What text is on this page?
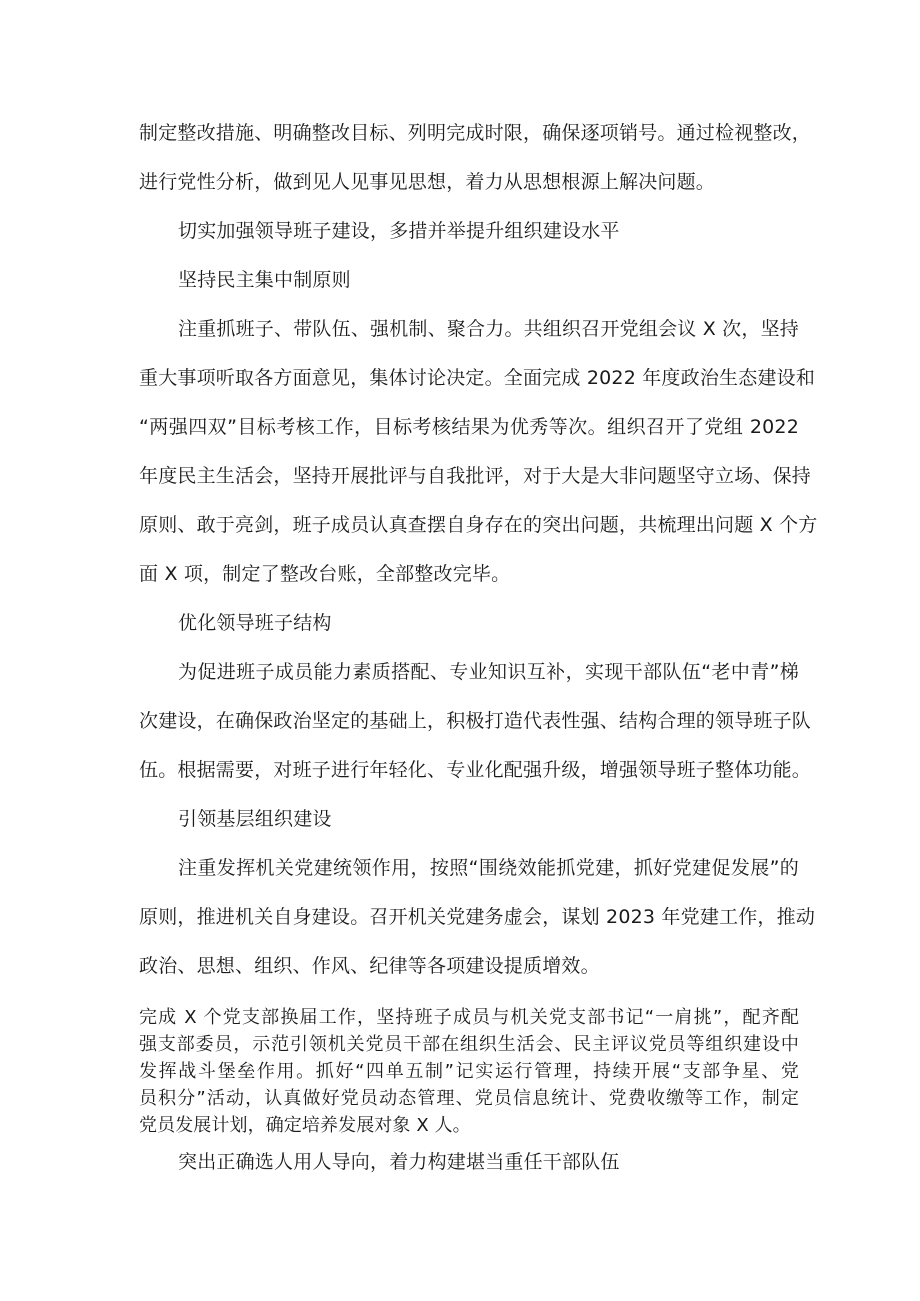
制定整改措施、明确整改目标、列明完成时限，确保逐项销号。通过检视整改，
进行党性分析，做到见人见事见思想，着力从思想根源上解决问题。
切实加强领导班子建设，多措并举提升组织建设水平
坚持民主集中制原则
注重抓班子、带队伍、强机制、聚合力。共组织召开党组会议 X 次，坚持
重大事项听取各方面意见，集体讨论决定。全面完成 2022 年度政治生态建设和
“两强四双”目标考核工作，目标考核结果为优秀等次。组织召开了党组 2022
年度民主生活会，坚持开展批评与自我批评，对于大是大非问题坚守立场、保持
原则、敢于亮剑，班子成员认真查摆自身存在的突出问题，共梳理出问题 X 个方
面 X 项，制定了整改台账，全部整改完毕。
优化领导班子结构
为促进班子成员能力素质搭配、专业知识互补，实现干部队伍“老中青”梯
次建设，在确保政治坚定的基础上，积极打造代表性强、结构合理的领导班子队
伍。根据需要，对班子进行年轻化、专业化配强升级，增强领导班子整体功能。
引领基层组织建设
注重发挥机关党建统领作用，按照“围绕效能抓党建，抓好党建促发展”的
原则，推进机关自身建设。召开机关党建务虚会，谋划 2023 年党建工作，推动
政治、思想、组织、作风、纪律等各项建设提质增效。
完成 X 个党支部换届工作，坚持班子成员与机关党支部书记“一肩挑”，配齐配
强支部委员，示范引领机关党员干部在组织生活会、民主评议党员等组织建设中
发挥战斗堡垒作用。抓好“四单五制”记实运行管理，持续开展“支部争星、党
员积分”活动，认真做好党员动态管理、党员信息统计、党费收缴等工作，制定
党员发展计划，确定培养发展对象 X 人。
突出正确选人用人导向，着力构建堪当重任干部队伍
